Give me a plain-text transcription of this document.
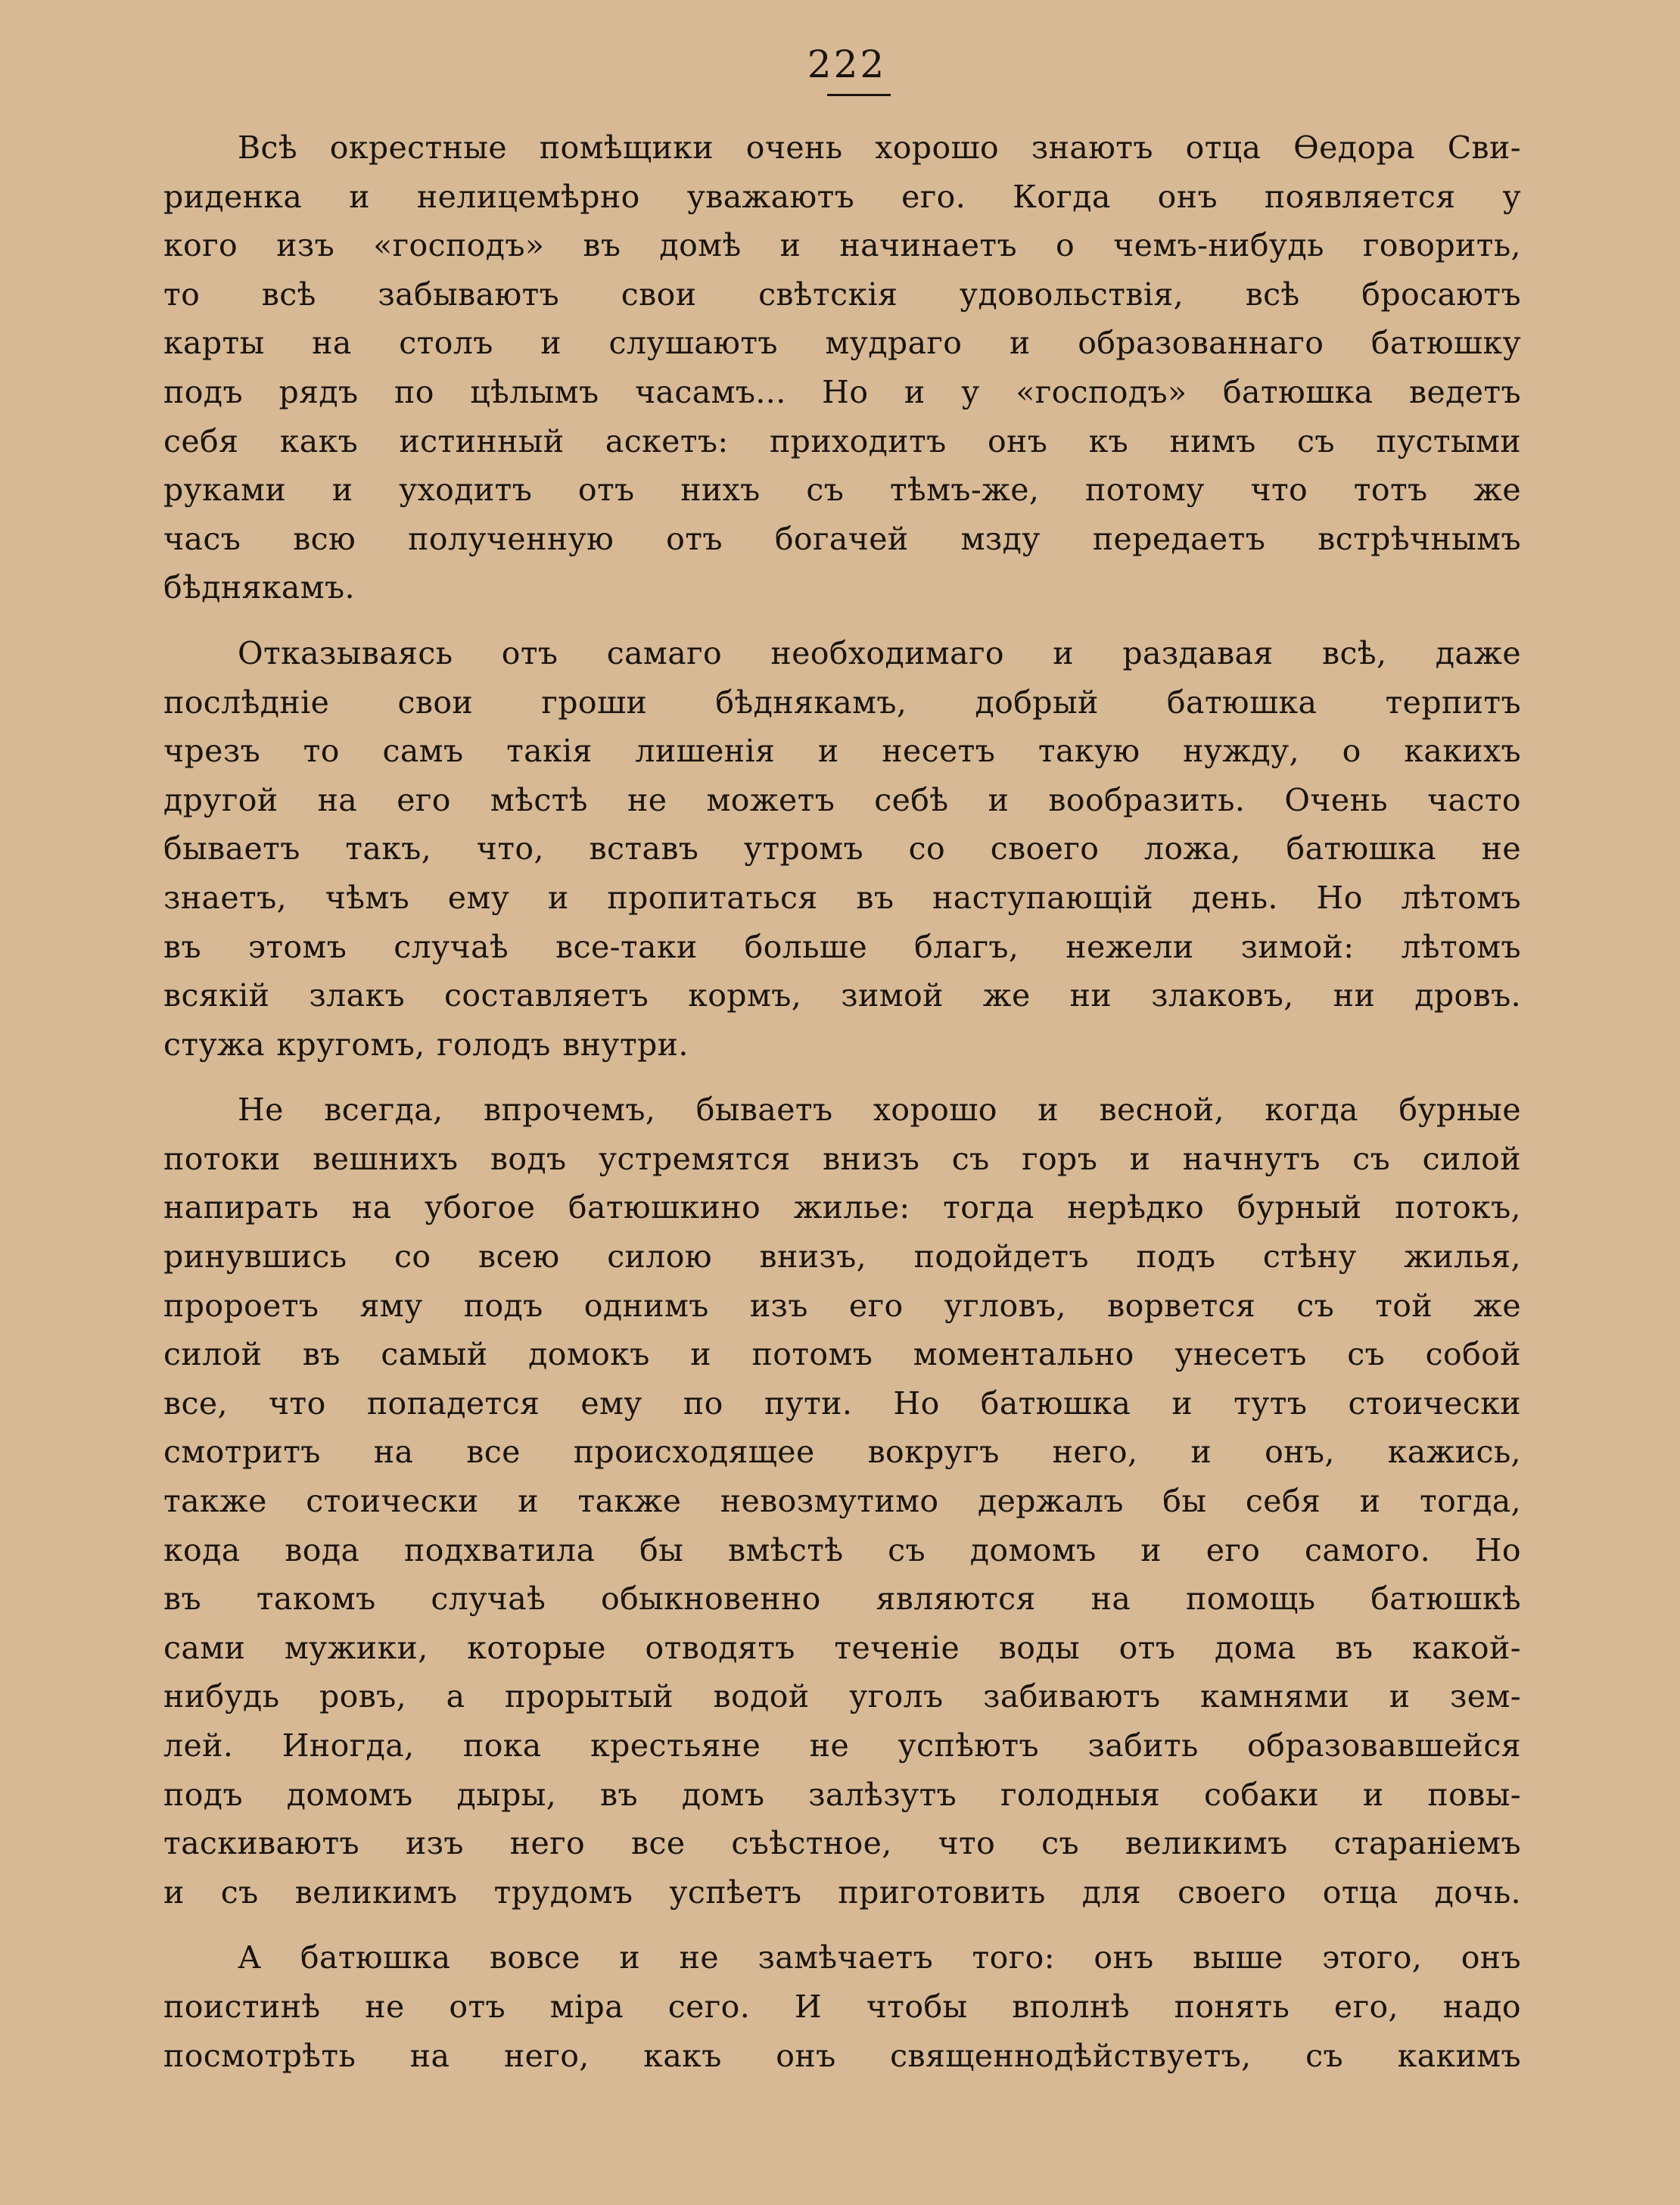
222
Всѣ окрестные помѣщики очень хорошо знаютъ отца Ѳедора Сви-
риденка и нелицемѣрно уважаютъ его. Когда онъ появляется у
кого изъ «господъ» въ домѣ и начинаетъ о чемъ-нибудь говорить,
то всѣ забываютъ свои свѣтскія удовольствія, всѣ бросаютъ
карты на столъ и слушаютъ мудраго и образованнаго батюшку
подъ рядъ по цѣлымъ часамъ... Но и у «господъ» батюшка ведетъ
себя какъ истинный аскетъ: приходитъ онъ къ нимъ съ пустыми
руками и уходитъ отъ нихъ съ тѣмъ-же, потому что тотъ же
часъ всю полученную отъ богачей мзду передаетъ встрѣчнымъ
бѣднякамъ.
Отказываясь отъ самаго необходимаго и раздавая всѣ, даже
послѣдніе свои гроши бѣднякамъ, добрый батюшка терпитъ
чрезъ то самъ такія лишенія и несетъ такую нужду, о какихъ
другой на его мѣстѣ не можетъ себѣ и вообразить. Очень часто
бываетъ такъ, что, вставъ утромъ со своего ложа, батюшка не
знаетъ, чѣмъ ему и пропитаться въ наступающій день. Но лѣтомъ
въ этомъ случаѣ все-таки больше благъ, нежели зимой: лѣтомъ
всякій злакъ составляетъ кормъ, зимой же ни злаковъ, ни дровъ.
стужа кругомъ, голодъ внутри.
Не всегда, впрочемъ, бываетъ хорошо и весной, когда бурные
потоки вешнихъ водъ устремятся внизъ съ горъ и начнутъ съ силой
напирать на убогое батюшкино жилье: тогда нерѣдко бурный потокъ,
ринувшись со всею силою внизъ, подойдетъ подъ стѣну жилья,
пророетъ яму подъ однимъ изъ его угловъ, ворвется съ той же
силой въ самый домокъ и потомъ моментально унесетъ съ собой
все, что попадется ему по пути. Но батюшка и тутъ стоически
смотритъ на все происходящее вокругъ него, и онъ, кажись,
также стоически и также невозмутимо держалъ бы себя и тогда,
кода вода подхватила бы вмѣстѣ съ домомъ и его самого. Но
въ такомъ случаѣ обыкновенно являются на помощь батюшкѣ
сами мужики, которые отводятъ теченіе воды отъ дома въ какой-
нибудь ровъ, а прорытый водой уголъ забиваютъ камнями и зем-
лей. Иногда, пока крестьяне не успѣютъ забить образовавшейся
подъ домомъ дыры, въ домъ залѣзутъ голодныя собаки и повы-
таскиваютъ изъ него все съѣстное, что съ великимъ стараніемъ
и съ великимъ трудомъ успѣетъ приготовить для своего отца дочь.
А батюшка вовсе и не замѣчаетъ того: онъ выше этого, онъ
поистинѣ не отъ міра сего. И чтобы вполнѣ понять его, надо
посмотрѣть на него, какъ онъ священнодѣйствуетъ, съ какимъ
